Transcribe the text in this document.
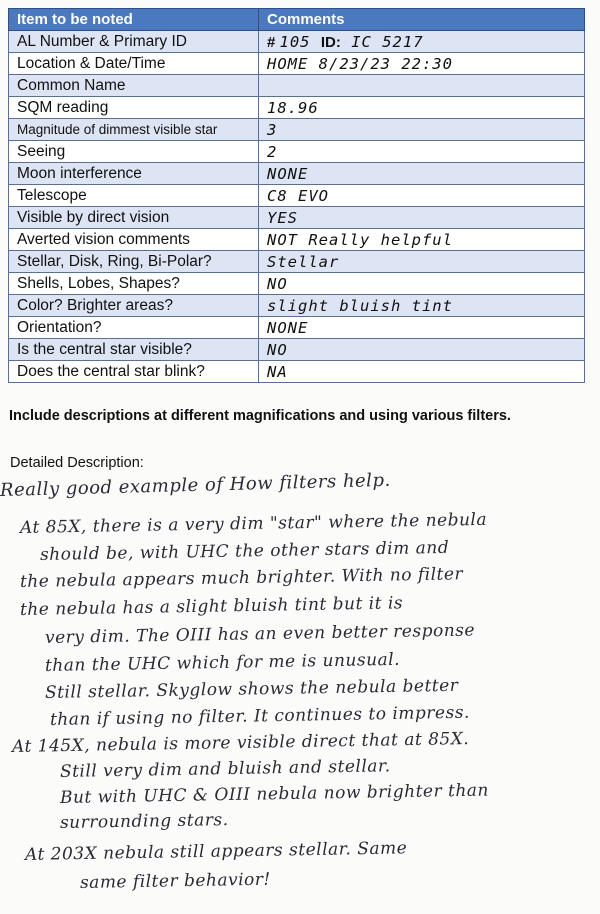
Item to be noted	Comments
AL Number & Primary ID	# 105 ID: IC 5217
Location & Date/Time	HOME 8/23/23 22:30
Common Name	
SQM reading	18.96
Magnitude of dimmest visible star	3
Seeing	2
Moon interference	NONE
Telescope	C8 EVO
Visible by direct vision	YES
Averted vision comments	NOT Really helpful
Stellar, Disk, Ring, Bi-Polar?	Stellar
Shells, Lobes, Shapes?	NO
Color? Brighter areas?	slight bluish tint
Orientation?	NONE
Is the central star visible?	NO
Does the central star blink?	NA
Include descriptions at different magnifications and using various filters.
Detailed Description:
Really good example of How filters help.
At 85X, there is a very dim "star" where the nebula
should be, with UHC the other stars dim and
the nebula appears much brighter. With no filter
the nebula has a slight bluish tint but it is
very dim. The OIII has an even better response
than the UHC which for me is unusual.
Still stellar. Skyglow shows the nebula better
than if using no filter. It continues to impress.
At 145X, nebula is more visible direct that at 85X.
Still very dim and bluish and stellar.
But with UHC & OIII nebula now brighter than
surrounding stars.
At 203X nebula still appears stellar. Same
same filter behavior!
